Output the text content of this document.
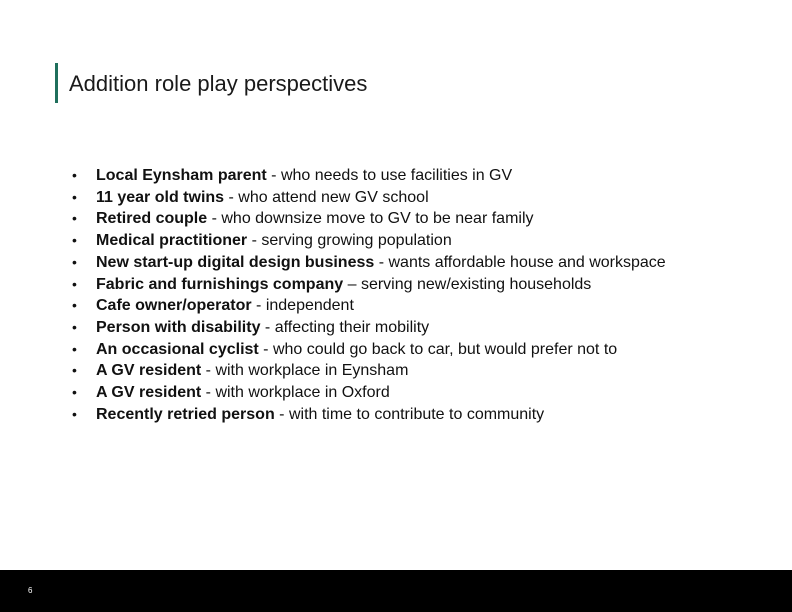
Addition role play perspectives
• Local Eynsham parent - who needs to use facilities in GV
• 11 year old twins - who attend new GV school
• Retired couple - who downsize move to GV to be near family
• Medical practitioner - serving growing population
• New start-up digital design business - wants affordable house and workspace
• Fabric and furnishings company – serving new/existing households
• Cafe owner/operator - independent
• Person with disability - affecting their mobility
• An occasional cyclist - who could go back to car, but would prefer not to
• A GV resident - with workplace in Eynsham
• A GV resident - with workplace in Oxford
• Recently retried person - with time to contribute to community
6
